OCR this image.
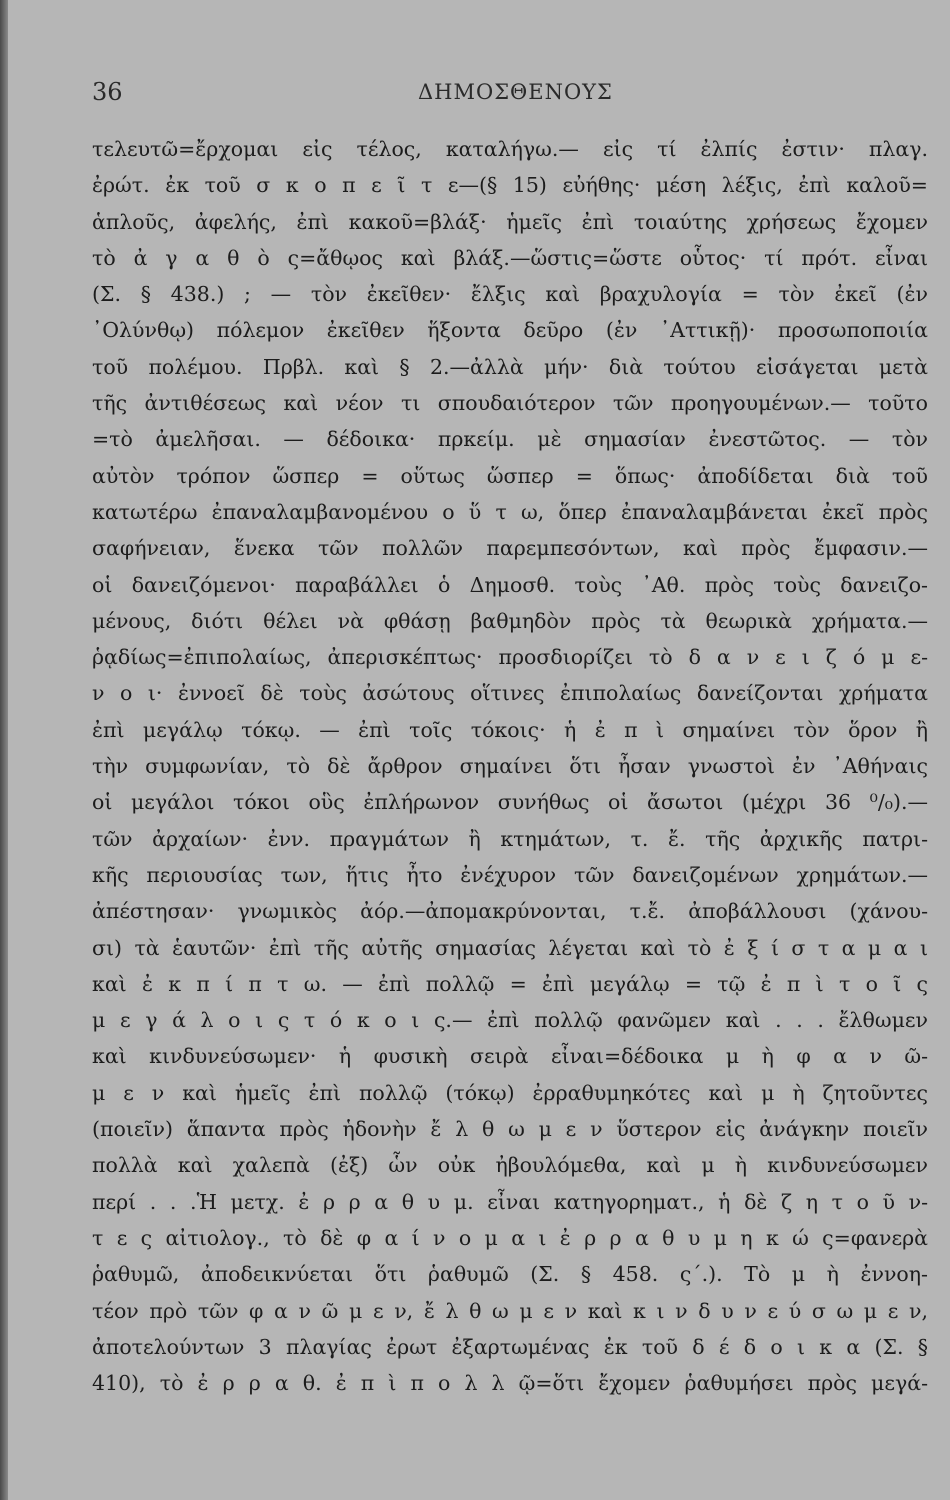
36	ΔΗΜΟΣΘΕΝΟΥΣ
τελευτῶ=ἔρχομαι εἰς τέλος, καταλήγω.— εἰς τί ἐλπίς ἐστιν· πλαγ.
ἐρώτ. ἐκ τοῦ σ κ ο π ε ῖ τ ε—(§ 15) εὐήθης· μέση λέξις, ἐπὶ καλοῦ=
ἁπλοῦς, ἀφελής, ἐπὶ κακοῦ=βλάξ· ἡμεῖς ἐπὶ τοιαύτης χρήσεως ἔχομεν
τὸ ἀ γ α θ ὸ ς=ἄθῳος καὶ βλάξ.—ὥστις=ὥστε οὗτος· τί πρότ. εἶναι
(Σ. § 438.) ; — τὸν ἐκεῖθεν· ἔλξις καὶ βραχυλογία = τὸν ἐκεῖ (ἐν
᾿Ολύνθῳ) πόλεμον ἐκεῖθεν ἥξοντα δεῦρο (ἐν ᾿Αττικῇ)· προσωποποιία
τοῦ πολέμου. Πρβλ. καὶ § 2.—ἀλλὰ μήν· διὰ τούτου εἰσάγεται μετὰ
τῆς ἀντιθέσεως καὶ νέον τι σπουδαιότερον τῶν προηγουμένων.— τοῦτο
=τὸ ἀμελῆσαι. — δέδοικα· πρκείμ. μὲ σημασίαν ἐνεστῶτος. — τὸν
αὐτὸν τρόπον ὥσπερ = οὕτως ὥσπερ = ὅπως· ἀποδίδεται διὰ τοῦ
κατωτέρω ἐπαναλαμβανομένου ο ὕ τ ω, ὅπερ ἐπαναλαμβάνεται ἐκεῖ πρὸς
σαφήνειαν, ἕνεκα τῶν πολλῶν παρεμπεσόντων, καὶ πρὸς ἔμφασιν.—
οἱ δανειζόμενοι· παραβάλλει ὁ Δημοσθ. τοὺς ᾿Αθ. πρὸς τοὺς δανειζο-
μένους, διότι θέλει νὰ φθάσῃ βαθμηδὸν πρὸς τὰ θεωρικὰ χρήματα.—
ῥᾳδίως=ἐπιπολαίως, ἀπερισκέπτως· προσδιορίζει τὸ δ α ν ε ι ζ ό μ ε-
ν ο ι· ἐννοεῖ δὲ τοὺς ἀσώτους οἵτινες ἐπιπολαίως δανείζονται χρήματα
ἐπὶ μεγάλῳ τόκῳ. — ἐπὶ τοῖς τόκοις· ἡ ἐ π ὶ σημαίνει τὸν ὅρον ἢ
τὴν συμφωνίαν, τὸ δὲ ἄρθρον σημαίνει ὅτι ἦσαν γνωστοὶ ἐν ᾿Αθήναις
οἱ μεγάλοι τόκοι οὓς ἐπλήρωνον συνήθως οἱ ἄσωτοι (μέχρι 36 ⁰/₀).—
τῶν ἀρχαίων· ἐνν. πραγμάτων ἢ κτημάτων, τ. ἔ. τῆς ἀρχικῆς πατρι-
κῆς περιουσίας των, ἥτις ἦτο ἐνέχυρον τῶν δανειζομένων χρημάτων.—
ἀπέστησαν· γνωμικὸς ἀόρ.—ἀπομακρύνονται, τ.ἔ. ἀποβάλλουσι (χάνου-
σι) τὰ ἑαυτῶν· ἐπὶ τῆς αὐτῆς σημασίας λέγεται καὶ τὸ ἐ ξ ί σ τ α μ α ι
καὶ ἐ κ π ί π τ ω. — ἐπὶ πολλῷ = ἐπὶ μεγάλῳ = τῷ ἐ π ὶ τ ο ῖ ς
μ ε γ ά λ ο ι ς τ ό κ ο ι ς.— ἐπὶ πολλῷ φανῶμεν καὶ . . . ἔλθωμεν
καὶ κινδυνεύσωμεν· ἡ φυσικὴ σειρὰ εἶναι=δέδοικα μ ὴ φ α ν ῶ-
μ ε ν καὶ ἡμεῖς ἐπὶ πολλῷ (τόκῳ) ἐρραθυμηκότες καὶ μ ὴ ζητοῦντες
(ποιεῖν) ἅπαντα πρὸς ἡδονὴν ἔ λ θ ω μ ε ν ὕστερον εἰς ἀνάγκην ποιεῖν
πολλὰ καὶ χαλεπὰ (ἐξ) ὧν οὐκ ἠβουλόμεθα, καὶ μ ὴ κινδυνεύσωμεν
περί . . .Ἡ μετχ. ἐ ρ ρ α θ υ μ. εἶναι κατηγορηματ., ἡ δὲ ζ η τ ο ῦ ν-
τ ε ς αἰτιολογ., τὸ δὲ φ α ί ν ο μ α ι ἐ ρ ρ α θ υ μ η κ ώ ς=φανερὰ
ῥαθυμῶ, ἀποδεικνύεται ὅτι ῥαθυμῶ (Σ. § 458. ς΄.). Τὸ μ ὴ ἐννοη-
τέον πρὸ τῶν φ α ν ῶ μ ε ν, ἔ λ θ ω μ ε ν καὶ κ ι ν δ υ ν ε ύ σ ω μ ε ν,
ἀποτελούντων 3 πλαγίας ἐρωτ ἐξαρτωμένας ἐκ τοῦ δ έ δ ο ι κ α (Σ. §
410), τὸ ἐ ρ ρ α θ. ἐ π ὶ π ο λ λ ῷ=ὅτι ἔχομεν ῥαθυμήσει πρὸς μεγά-
